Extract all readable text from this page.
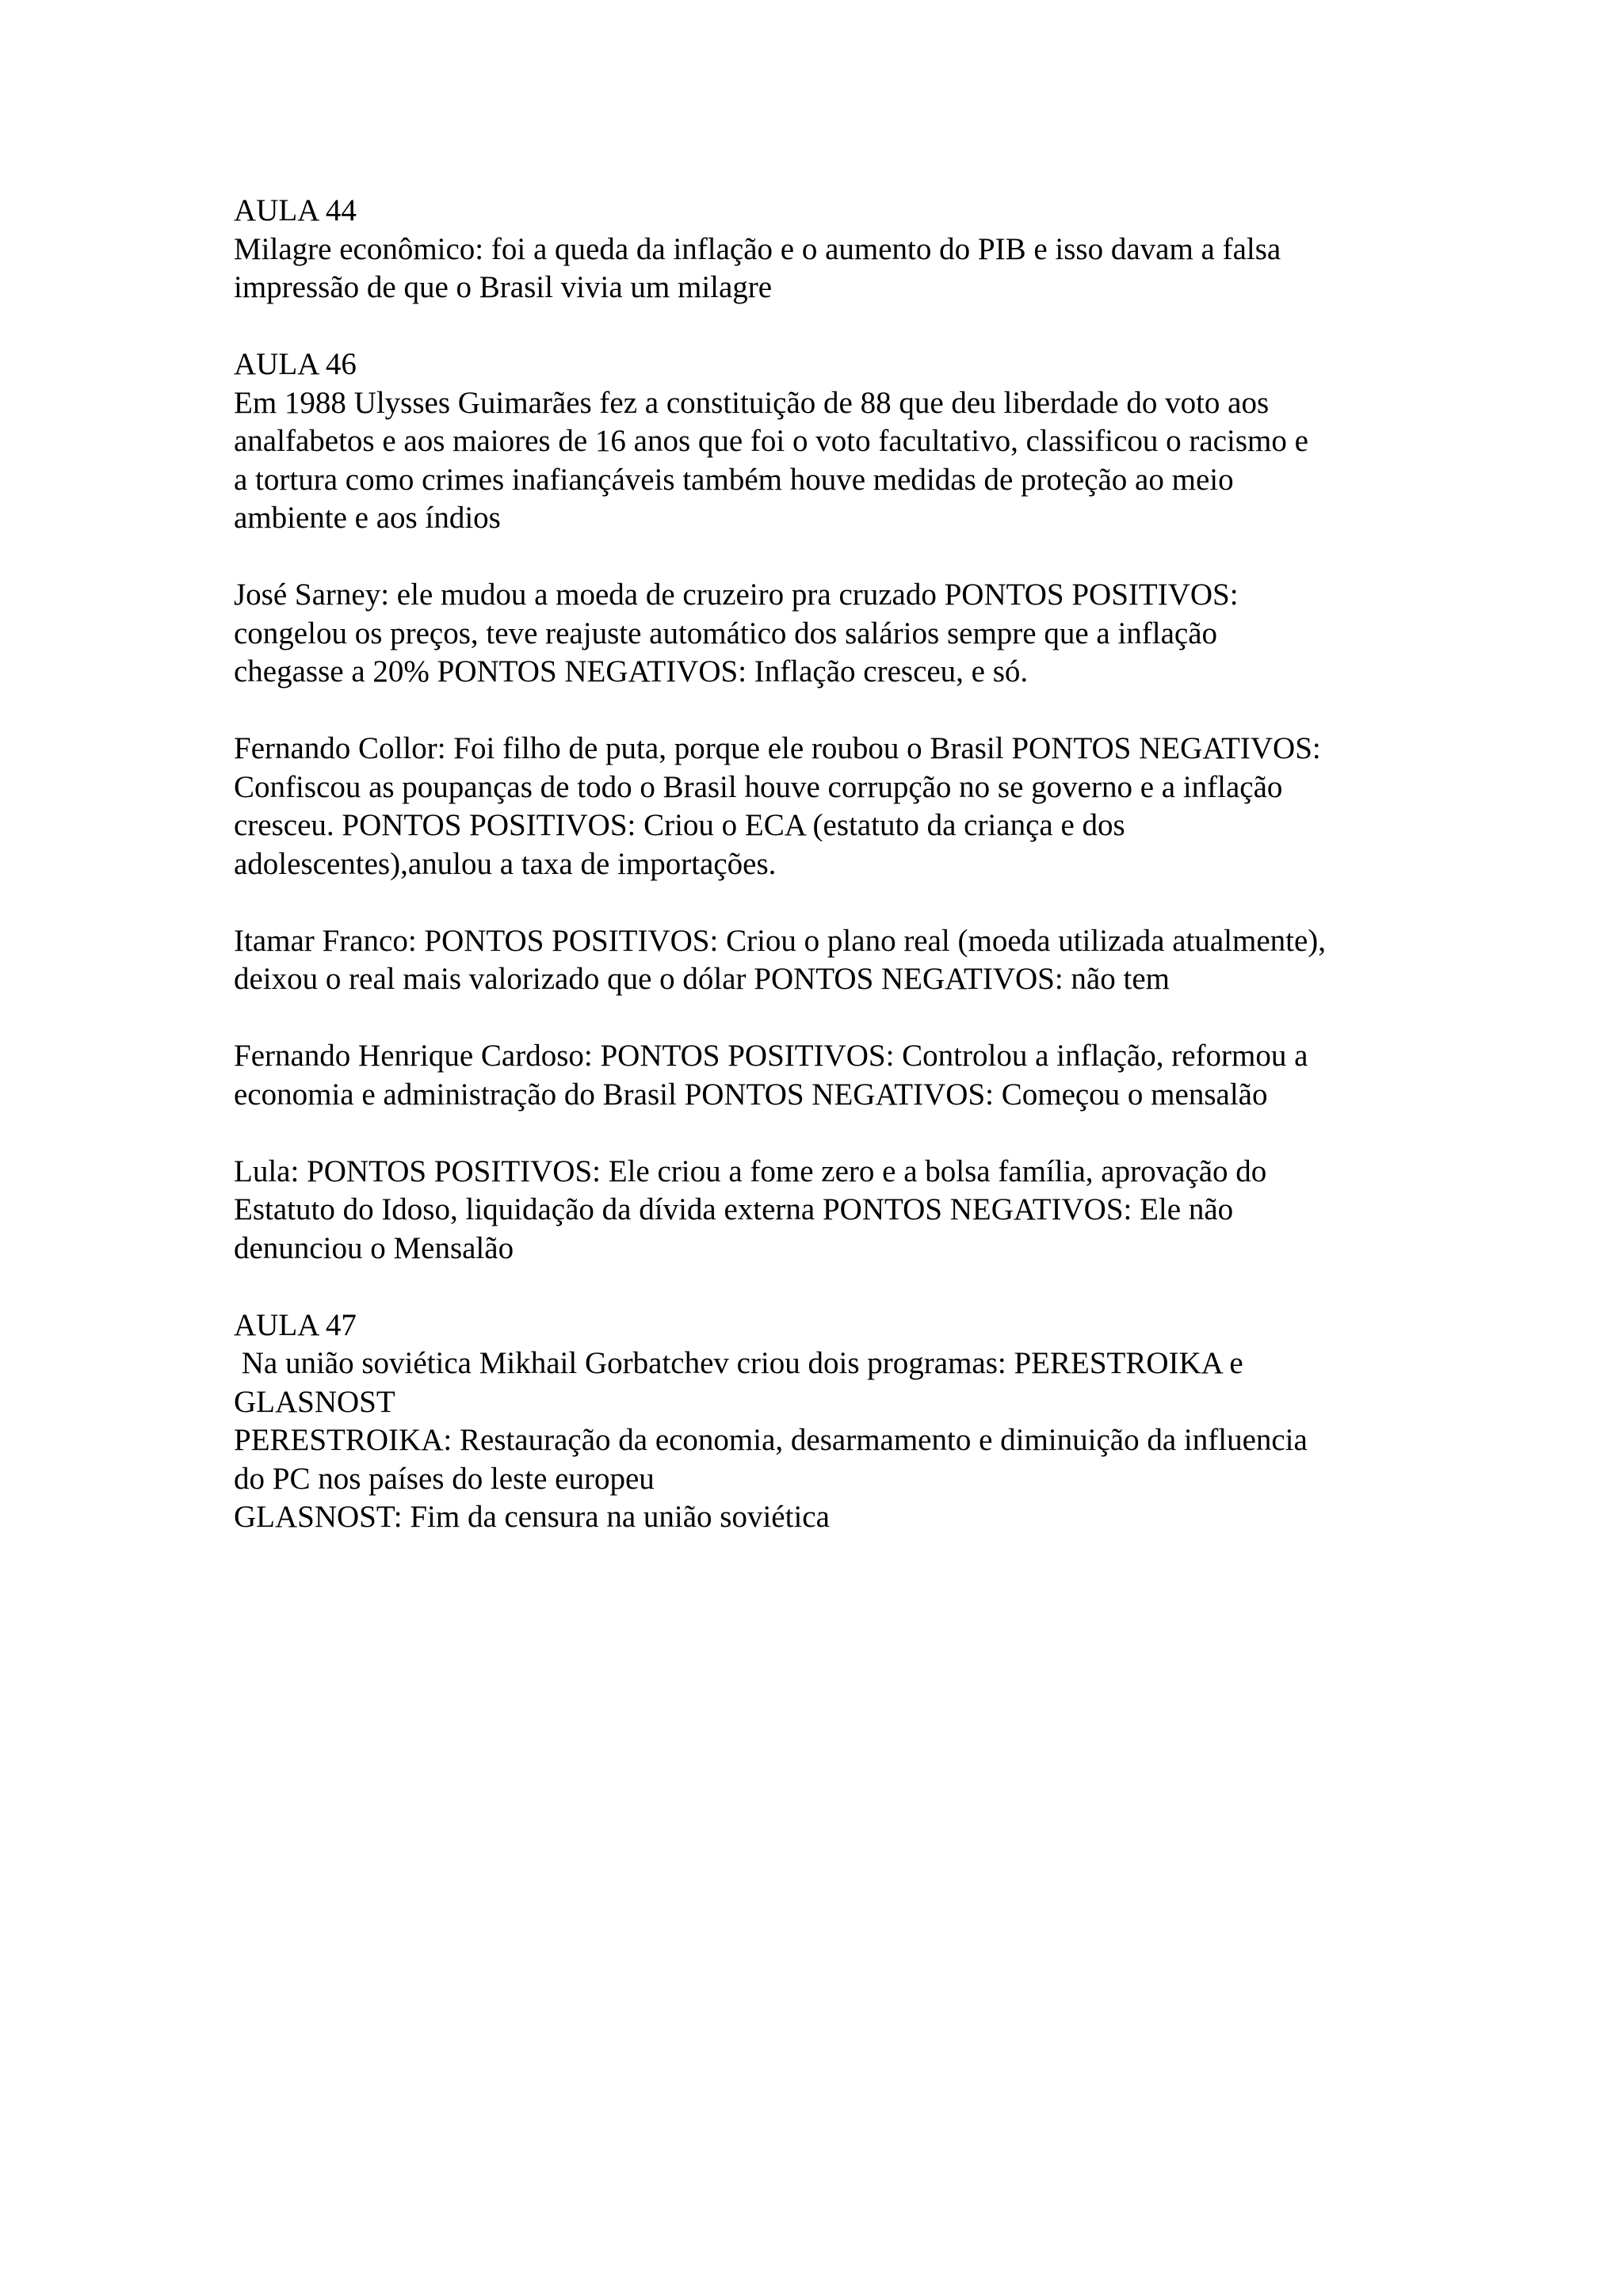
AULA 44
Milagre econômico: foi a queda da inflação e o aumento do PIB e isso davam a falsa
impressão de que o Brasil vivia um milagre
AULA 46
Em 1988 Ulysses Guimarães fez a constituição de 88 que deu liberdade do voto aos
analfabetos e aos maiores de 16 anos que foi o voto facultativo, classificou o racismo e
a tortura como crimes inafiançáveis também houve medidas de proteção ao meio
ambiente e aos índios
José Sarney: ele mudou a moeda de cruzeiro pra cruzado PONTOS POSITIVOS:
congelou os preços, teve reajuste automático dos salários sempre que a inflação
chegasse a 20% PONTOS NEGATIVOS: Inflação cresceu, e só.
Fernando Collor: Foi filho de puta, porque ele roubou o Brasil PONTOS NEGATIVOS:
Confiscou as poupanças de todo o Brasil houve corrupção no se governo e a inflação
cresceu. PONTOS POSITIVOS: Criou o ECA (estatuto da criança e dos
adolescentes),anulou a taxa de importações.
Itamar Franco: PONTOS POSITIVOS: Criou o plano real (moeda utilizada atualmente),
deixou o real mais valorizado que o dólar PONTOS NEGATIVOS: não tem
Fernando Henrique Cardoso: PONTOS POSITIVOS: Controlou a inflação, reformou a
economia e administração do Brasil PONTOS NEGATIVOS: Começou o mensalão
Lula: PONTOS POSITIVOS: Ele criou a fome zero e a bolsa família, aprovação do
Estatuto do Idoso, liquidação da dívida externa PONTOS NEGATIVOS: Ele não
denunciou o Mensalão
AULA 47
Na união soviética Mikhail Gorbatchev criou dois programas: PERESTROIKA e
GLASNOST
PERESTROIKA: Restauração da economia, desarmamento e diminuição da influencia
do PC nos países do leste europeu
GLASNOST: Fim da censura na união soviética
